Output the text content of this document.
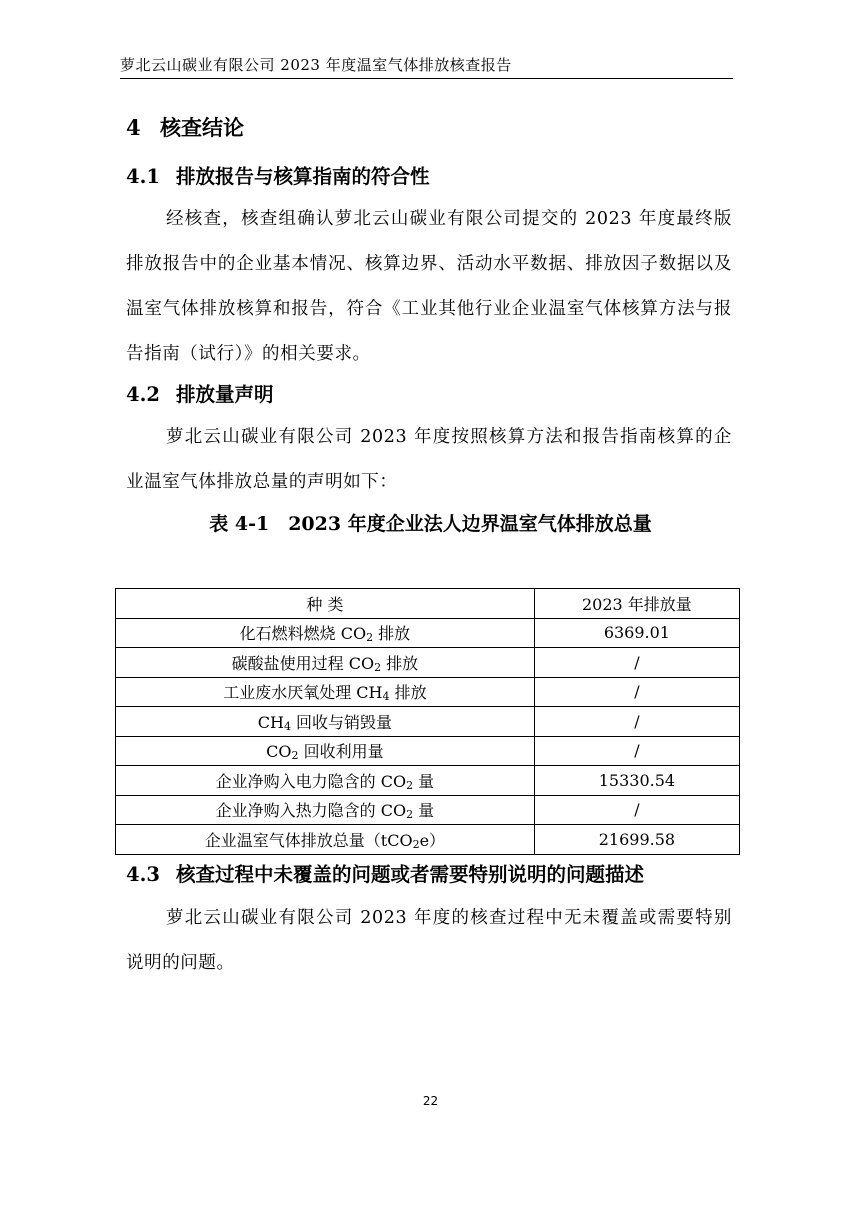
萝北云山碳业有限公司 2023 年度温室气体排放核查报告
4 核查结论
4.1 排放报告与核算指南的符合性

经核查，核查组确认萝北云山碳业有限公司提交的 2023 年度最终版排放报告中的企业基本情况、核算边界、活动水平数据、排放因子数据以及温室气体排放核算和报告，符合《工业其他行业企业温室气体核算方法与报告指南（试行）》的相关要求。

4.2 排放量声明

萝北云山碳业有限公司 2023 年度按照核算方法和报告指南核算的企业温室气体排放总量的声明如下：

表 4-1　2023 年度企业法人边界温室气体排放总量
种 类	2023 年排放量
化石燃料燃烧 CO2 排放	6369.01
碳酸盐使用过程 CO2 排放	/
工业废水厌氧处理 CH4 排放	/
CH4 回收与销毁量	/
CO2 回收利用量	/
企业净购入电力隐含的 CO2 量	15330.54
企业净购入热力隐含的 CO2 量	/
企业温室气体排放总量（tCO2e）	21699.58
4.3 核查过程中未覆盖的问题或者需要特别说明的问题描述

萝北云山碳业有限公司 2023 年度的核查过程中无未覆盖或需要特别说明的问题。

22
